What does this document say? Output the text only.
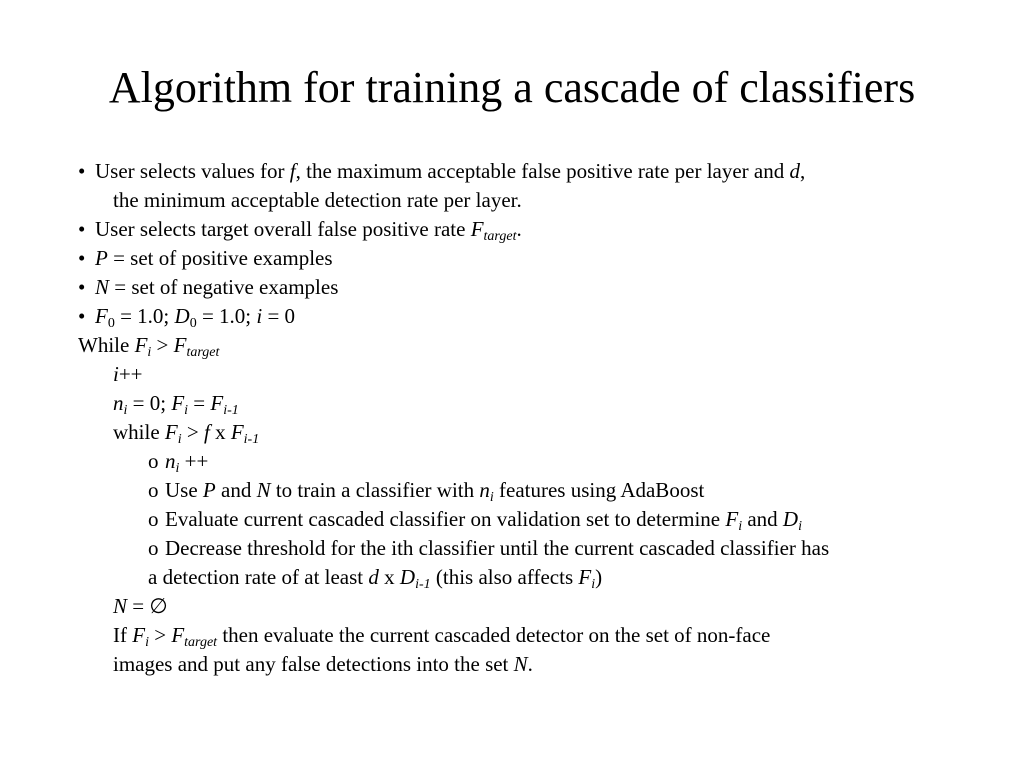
Algorithm for training a cascade of classifiers
• User selects values for f, the maximum acceptable false positive rate per layer and d,
the minimum acceptable detection rate per layer.
• User selects target overall false positive rate $F_{target}$.
• P = set of positive examples
• N = set of negative examples
• $F_0 = 1.0$; $D_0 = 1.0$; i = 0
While $F_i > F_{target}$
i++
$n_i = 0$; $F_i = F_{i-1}$
while $F_i > f$ x $F_{i-1}$
o $n_i$ ++
o Use P and N to train a classifier with $n_i$ features using AdaBoost
o Evaluate current cascaded classifier on validation set to determine $F_i$ and $D_i$
o Decrease threshold for the ith classifier until the current cascaded classifier has
a detection rate of at least d x $D_{i-1}$ (this also affects $F_i$)
N = ∅
If $F_i > F_{target}$ then evaluate the current cascaded detector on the set of non-face
images and put any false detections into the set N.
